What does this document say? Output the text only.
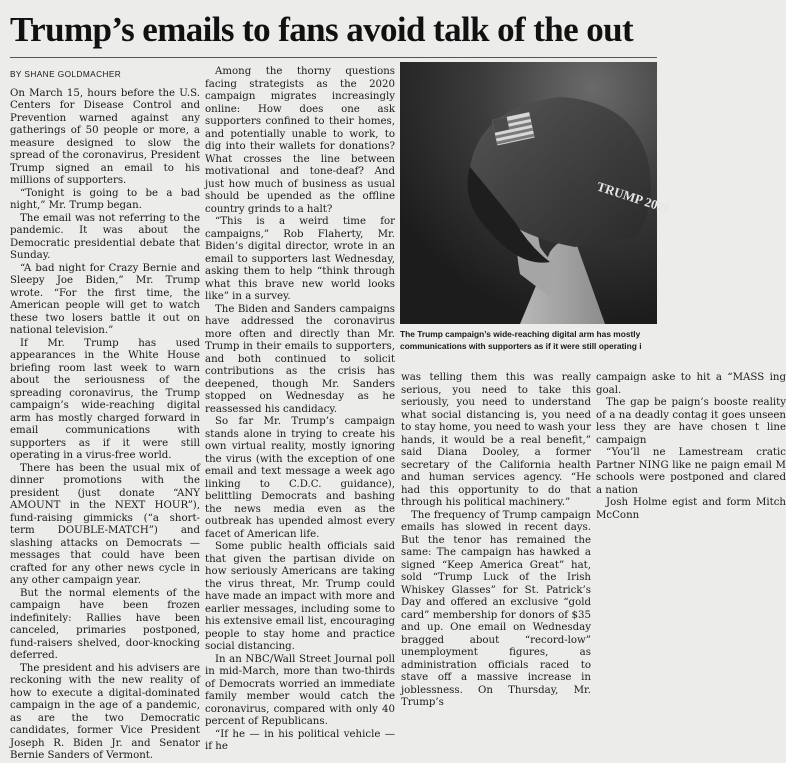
Trump’s emails to fans avoid talk of the out
BY SHANE GOLDMACHER

On March 15, hours before the U.S. Centers for Disease Control and Prevention warned against any gatherings of 50 people or more, a measure designed to slow the spread of the coronavirus, President Trump signed an email to his millions of supporters.

“Tonight is going to be a bad night,” Mr. Trump began.

The email was not referring to the pandemic. It was about the Democratic presidential debate that Sunday.

“A bad night for Crazy Bernie and Sleepy Joe Biden,” Mr. Trump wrote. “For the first time, the American people will get to watch these two losers battle it out on national television.”

If Mr. Trump has used appearances in the White House briefing room last week to warn about the seriousness of the spreading coronavirus, the Trump campaign’s wide-reaching digital arm has mostly charged forward in email communications with supporters as if it were still operating in a virus-free world.

There has been the usual mix of dinner promotions with the president (just donate “ANY AMOUNT in the NEXT HOUR”), fund-raising gimmicks (“a short-term DOUBLE-MATCH”) and slashing attacks on Democrats — messages that could have been crafted for any other news cycle in any other campaign year.

But the normal elements of the campaign have been frozen indefinitely: Rallies have been canceled, primaries postponed, fund-raisers shelved, door-knocking deferred.

The president and his advisers are reckoning with the new reality of how to execute a digital-dominated campaign in the age of a pandemic, as are the two Democratic candidates, former Vice President Joseph R. Biden Jr. and Senator Bernie Sanders of Vermont.

Among the thorny questions facing strategists as the 2020 campaign migrates increasingly online: How does one ask supporters confined to their homes, and potentially unable to work, to dig into their wallets for donations? What crosses the line between motivational and tone-deaf? And just how much of business as usual should be upended as the offline country grinds to a halt?

“This is a weird time for campaigns,” Rob Flaherty, Mr. Biden’s digital director, wrote in an email to supporters last Wednesday, asking them to help “think through what this brave new world looks like” in a survey.

The Biden and Sanders campaigns have addressed the coronavirus more often and directly than Mr. Trump in their emails to supporters, and both continued to solicit contributions as the crisis has deepened, though Mr. Sanders stopped on Wednesday as he reassessed his candidacy.

So far Mr. Trump’s campaign stands alone in trying to create his own virtual reality, mostly ignoring the virus (with the exception of one email and text message a week ago linking to C.D.C. guidance), belittling Democrats and bashing the news media even as the outbreak has upended almost every facet of American life.

Some public health officials said that given the partisan divide on how seriously Americans are taking the virus threat, Mr. Trump could have made an impact with more and earlier messages, including some to his extensive email list, encouraging people to stay home and practice social distancing.

In an NBC/Wall Street Journal poll in mid-March, more than two-thirds of Democrats worried an immediate family member would catch the coronavirus, compared with only 40 percent of Republicans.

“If he — in his political vehicle — if he

TRUMP 2020
The Trump campaign’s wide-reaching digital arm has mostly
communications with supporters as if it were still operating i

was telling them this was really serious, you need to take this seriously, you need to understand what social distancing is, you need to stay home, you need to wash your hands, it would be a real benefit,” said Diana Dooley, a former secretary of the California health and human services agency. “He had this opportunity to do that through his political machinery.”

The frequency of Trump campaign emails has slowed in recent days. But the tenor has remained the same: The campaign has hawked a signed “Keep America Great” hat, sold “Trump Luck of the Irish Whiskey Glasses” for St. Patrick’s Day and offered an exclusive “gold card” membership for donors of $35 and up. One email on Wednesday bragged about “record-low” unemployment figures, as administration officials raced to stave off a massive increase in joblessness. On Thursday, Mr. Trump’s

campaign aske to hit a “MASS ing goal.

The gap be paign’s booste reality of a na deadly contag it goes unseen less they are have chosen t line campaign

“You’ll ne Lamestream cratic Partner NING like ne paign email M schools were postponed and clared a nation

Josh Holme egist and form Mitch McConn
